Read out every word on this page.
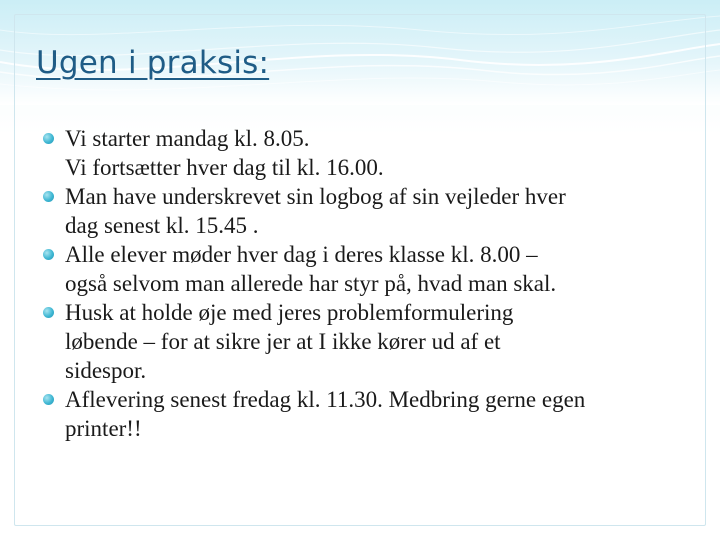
Ugen i praksis:
Vi starter mandag kl. 8.05.
Vi fortsætter hver dag til kl. 16.00.
Man have underskrevet sin logbog af sin vejleder hver
dag senest kl. 15.45 .
Alle elever møder hver dag i deres klasse kl. 8.00 –
også selvom man allerede har styr på, hvad man skal.
Husk at holde øje med jeres problemformulering
løbende – for at sikre jer at I ikke kører ud af et
sidespor.
Aflevering senest fredag kl. 11.30. Medbring gerne egen
printer!!
